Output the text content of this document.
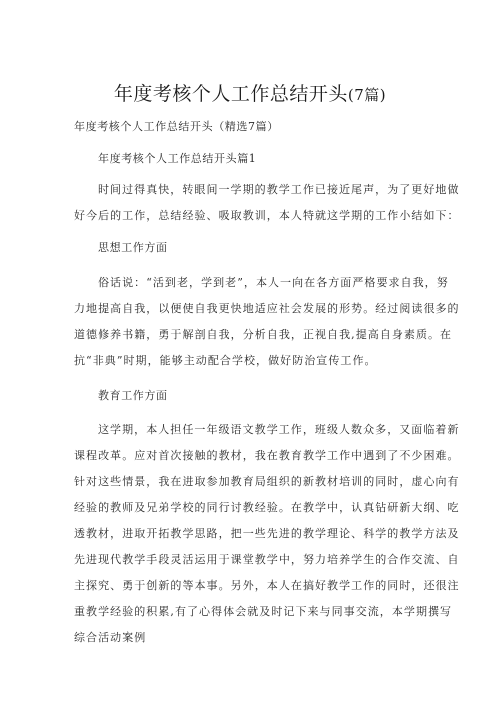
年度考核个人工作总结开头(7篇)
年度考核个人工作总结开头（精选7篇）
年度考核个人工作总结开头篇1
时间过得真快，转眼间一学期的教学工作已接近尾声，为了更好地做
好今后的工作，总结经验、吸取教训，本人特就这学期的工作小结如下：
思想工作方面
俗话说：“活到老，学到老”，本人一向在各方面严格要求自我，努
力地提高自我，以便使自我更快地适应社会发展的形势。经过阅读很多的
道德修养书籍，勇于解剖自我，分析自我，正视自我,提高自身素质。在
抗“非典”时期，能够主动配合学校，做好防治宣传工作。
教育工作方面
这学期，本人担任一年级语文教学工作，班级人数众多，又面临着新
课程改革。应对首次接触的教材，我在教育教学工作中遇到了不少困难。
针对这些情景，我在进取参加教育局组织的新教材培训的同时，虚心向有
经验的教师及兄弟学校的同行讨教经验。在教学中，认真钻研新大纲、吃
透教材，进取开拓教学思路，把一些先进的教学理论、科学的教学方法及
先进现代教学手段灵活运用于课堂教学中，努力培养学生的合作交流、自
主探究、勇于创新的等本事。另外，本人在搞好教学工作的同时，还很注
重教学经验的积累,有了心得体会就及时记下来与同事交流，本学期撰写
综合活动案例
